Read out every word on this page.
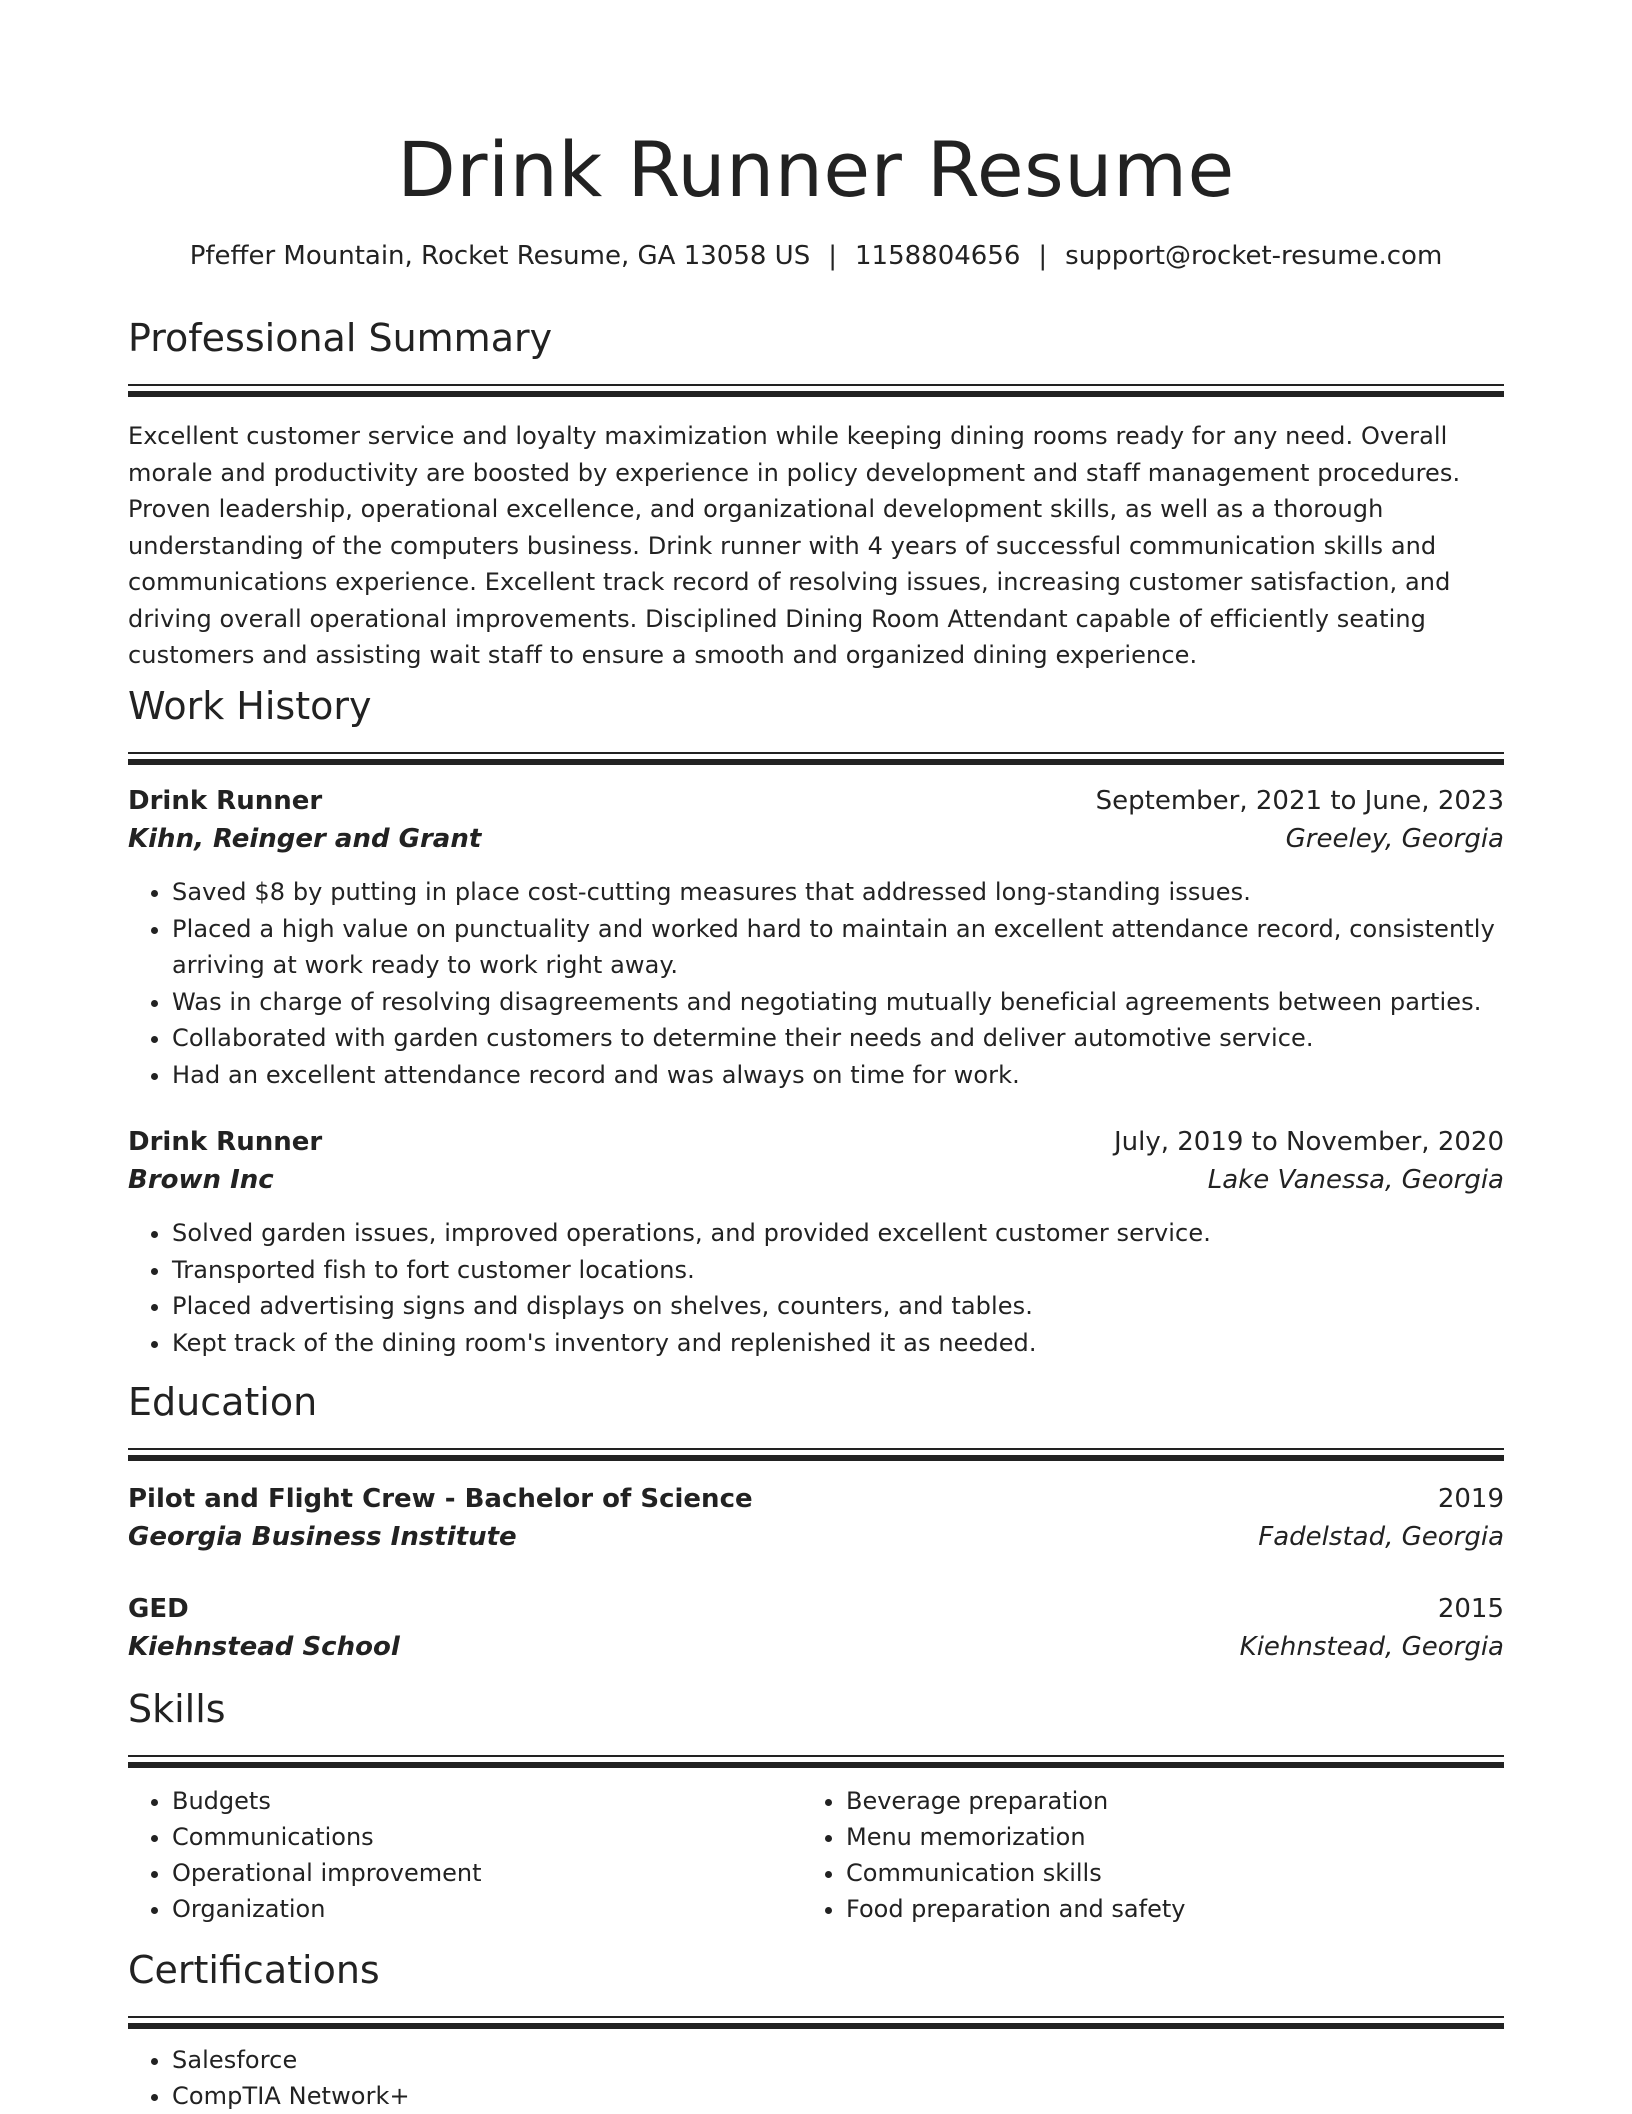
Drink Runner Resume
Pfeffer Mountain, Rocket Resume, GA 13058 US | 1158804656 | support@rocket-resume.com
Professional Summary
Excellent customer service and loyalty maximization while keeping dining rooms ready for any need. Overall morale and productivity are boosted by experience in policy development and staff management procedures. Proven leadership, operational excellence, and organizational development skills, as well as a thorough understanding of the computers business. Drink runner with 4 years of successful communication skills and communications experience. Excellent track record of resolving issues, increasing customer satisfaction, and driving overall operational improvements. Disciplined Dining Room Attendant capable of efficiently seating customers and assisting wait staff to ensure a smooth and organized dining experience.
Work History
Drink Runner	September, 2021 to June, 2023
Kihn, Reinger and Grant	Greeley, Georgia
• Saved $8 by putting in place cost-cutting measures that addressed long-standing issues.
• Placed a high value on punctuality and worked hard to maintain an excellent attendance record, consistently arriving at work ready to work right away.
• Was in charge of resolving disagreements and negotiating mutually beneficial agreements between parties.
• Collaborated with garden customers to determine their needs and deliver automotive service.
• Had an excellent attendance record and was always on time for work.
Drink Runner	July, 2019 to November, 2020
Brown Inc	Lake Vanessa, Georgia
• Solved garden issues, improved operations, and provided excellent customer service.
• Transported fish to fort customer locations.
• Placed advertising signs and displays on shelves, counters, and tables.
• Kept track of the dining room's inventory and replenished it as needed.
Education
Pilot and Flight Crew - Bachelor of Science	2019
Georgia Business Institute	Fadelstad, Georgia
GED	2015
Kiehnstead School	Kiehnstead, Georgia
Skills
• Budgets
• Communications
• Operational improvement
• Organization
• Beverage preparation
• Menu memorization
• Communication skills
• Food preparation and safety
Certifications
• Salesforce
• CompTIA Network+
